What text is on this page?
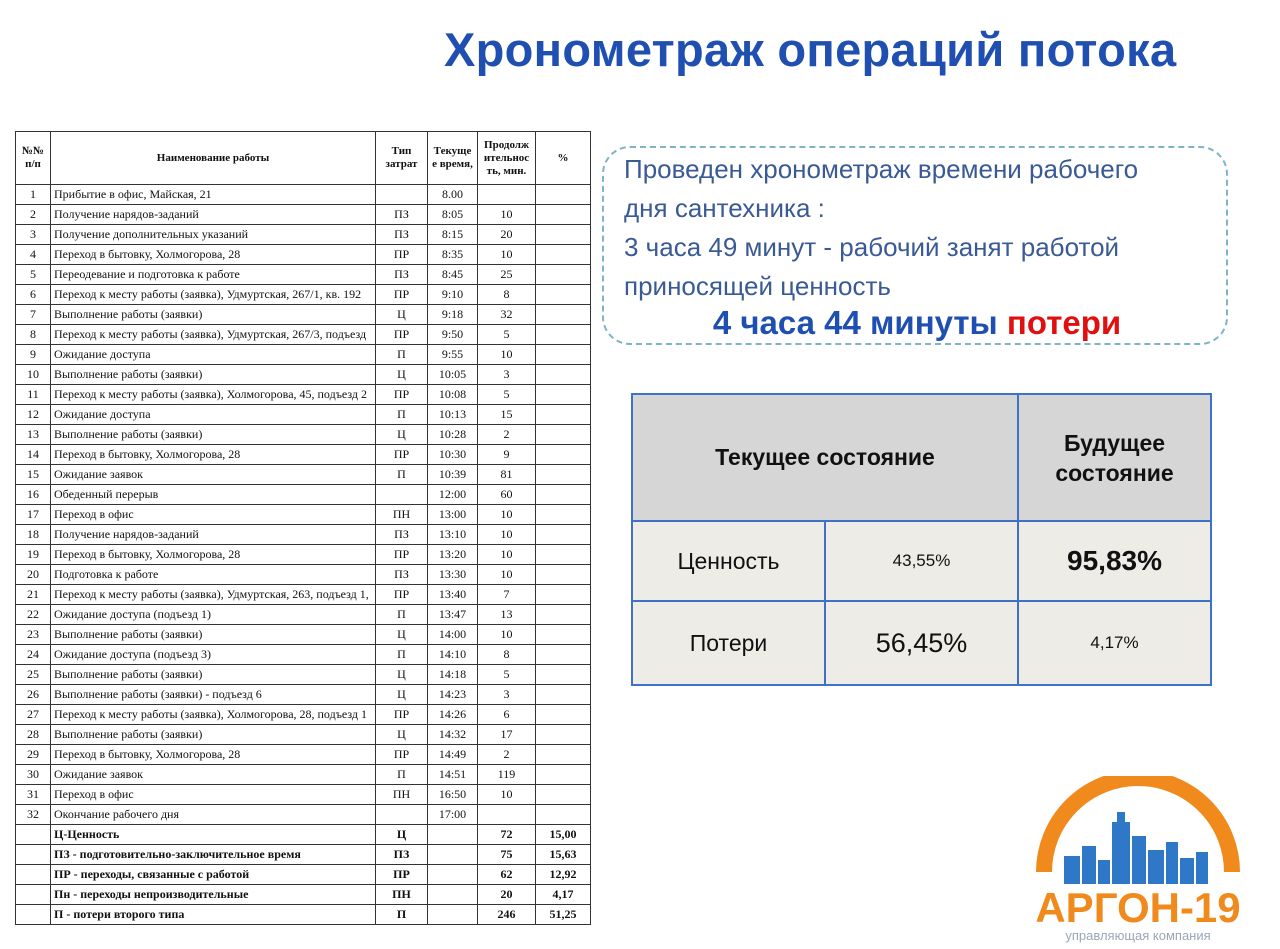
Хронометраж операций потока
№№ п/п	Наименование работы	Тип затрат	Текуще е время,	Продолж ительнос ть, мин.	%
1	Прибытие в офис, Майская, 21		8.00		
2	Получение нарядов-заданий	ПЗ	8:05	10	
3	Получение дополнительных указаний	ПЗ	8:15	20	
4	Переход в бытовку, Холмогорова, 28	ПР	8:35	10	
5	Переодевание и подготовка к работе	ПЗ	8:45	25	
6	Переход к месту работы (заявка), Удмуртская, 267/1, кв. 192	ПР	9:10	8	
7	Выполнение работы (заявки)	Ц	9:18	32	
8	Переход к месту работы (заявка), Удмуртская, 267/3, подъезд	ПР	9:50	5	
9	Ожидание доступа	П	9:55	10	
10	Выполнение работы (заявки)	Ц	10:05	3	
11	Переход к месту работы (заявка), Холмогорова, 45, подъезд 2	ПР	10:08	5	
12	Ожидание доступа	П	10:13	15	
13	Выполнение работы (заявки)	Ц	10:28	2	
14	Переход в бытовку, Холмогорова, 28	ПР	10:30	9	
15	Ожидание заявок	П	10:39	81	
16	Обеденный перерыв		12:00	60	
17	Переход в офис	ПН	13:00	10	
18	Получение нарядов-заданий	ПЗ	13:10	10	
19	Переход в бытовку, Холмогорова, 28	ПР	13:20	10	
20	Подготовка к работе	ПЗ	13:30	10	
21	Переход к месту работы (заявка), Удмуртская, 263, подъезд 1,	ПР	13:40	7	
22	Ожидание доступа (подъезд 1)	П	13:47	13	
23	Выполнение работы (заявки)	Ц	14:00	10	
24	Ожидание доступа (подъезд 3)	П	14:10	8	
25	Выполнение работы (заявки)	Ц	14:18	5	
26	Выполнение работы (заявки) - подъезд 6	Ц	14:23	3	
27	Переход к месту работы (заявка), Холмогорова, 28, подъезд 1	ПР	14:26	6	
28	Выполнение работы (заявки)	Ц	14:32	17	
29	Переход в бытовку, Холмогорова, 28	ПР	14:49	2	
30	Ожидание заявок	П	14:51	119	
31	Переход в офис	ПН	16:50	10	
32	Окончание рабочего дня		17:00		
	Ц-Ценность	Ц		72	15,00
	ПЗ - подготовительно-заключительное время	ПЗ		75	15,63
	ПР - переходы, связанные с работой	ПР		62	12,92
	Пн - переходы непроизводительные	ПН		20	4,17
	П - потери второго типа	П		246	51,25
Проведен хронометраж времени рабочего
дня сантехника :
3 часа 49 минут - рабочий занят работой
приносящей ценность
4 часа 44 минуты потери
Текущее состояние		Будущее
состояние
Ценность	43,55%	95,83%
Потери	56,45%	4,17%
АРГОН-19
управляющая компания
